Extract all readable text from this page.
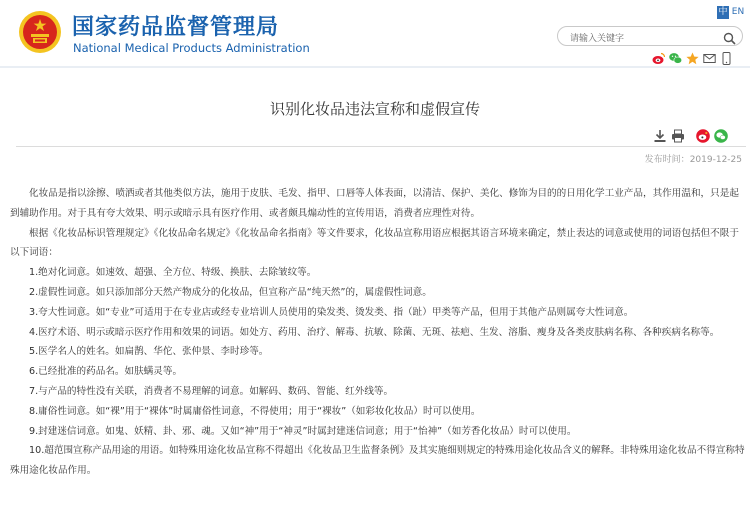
国家药品监督管理局
National Medical Products Administration
中 EN
请输入关键字
识别化妆品违法宣称和虚假宣传
发布时间：2019-12-25

化妆品是指以涂擦、喷洒或者其他类似方法，施用于皮肤、毛发、指甲、口唇等人体表面，以清洁、保护、美化、修饰为目的的日用化学工业产品，其作用温和，只是起到辅助作用。对于具有夸大效果、明示或暗示具有医疗作用、或者颇具煽动性的宣传用语，消费者应理性对待。

根据《化妆品标识管理规定》《化妆品命名规定》《化妆品命名指南》等文件要求，化妆品宣称用语应根据其语言环境来确定，禁止表达的词意或使用的词语包括但不限于以下词语：

1.绝对化词意。如速效、超强、全方位、特级、换肤、去除皱纹等。

2.虚假性词意。如只添加部分天然产物成分的化妆品，但宣称产品“纯天然”的，属虚假性词意。

3.夸大性词意。如“专业”可适用于在专业店或经专业培训人员使用的染发类、烫发类、指（趾）甲类等产品，但用于其他产品则属夸大性词意。

4.医疗术语、明示或暗示医疗作用和效果的词语。如处方、药用、治疗、解毒、抗敏、除菌、无斑、祛疤、生发、溶脂、瘦身及各类皮肤病名称、各种疾病名称等。

5.医学名人的姓名。如扁鹊、华佗、张仲景、李时珍等。

6.已经批准的药品名。如肤螨灵等。

7.与产品的特性没有关联，消费者不易理解的词意。如解码、数码、智能、红外线等。

8.庸俗性词意。如“裸”用于“裸体”时属庸俗性词意，不得使用；用于“裸妆”（如彩妆化妆品）时可以使用。

9.封建迷信词意。如鬼、妖精、卦、邪、魂。又如“神”用于“神灵”时属封建迷信词意；用于“怡神”（如芳香化妆品）时可以使用。

10.超范围宣称产品用途的用语。如特殊用途化妆品宣称不得超出《化妆品卫生监督条例》及其实施细则规定的特殊用途化妆品含义的解释。非特殊用途化妆品不得宣称特殊用途化妆品作用。
